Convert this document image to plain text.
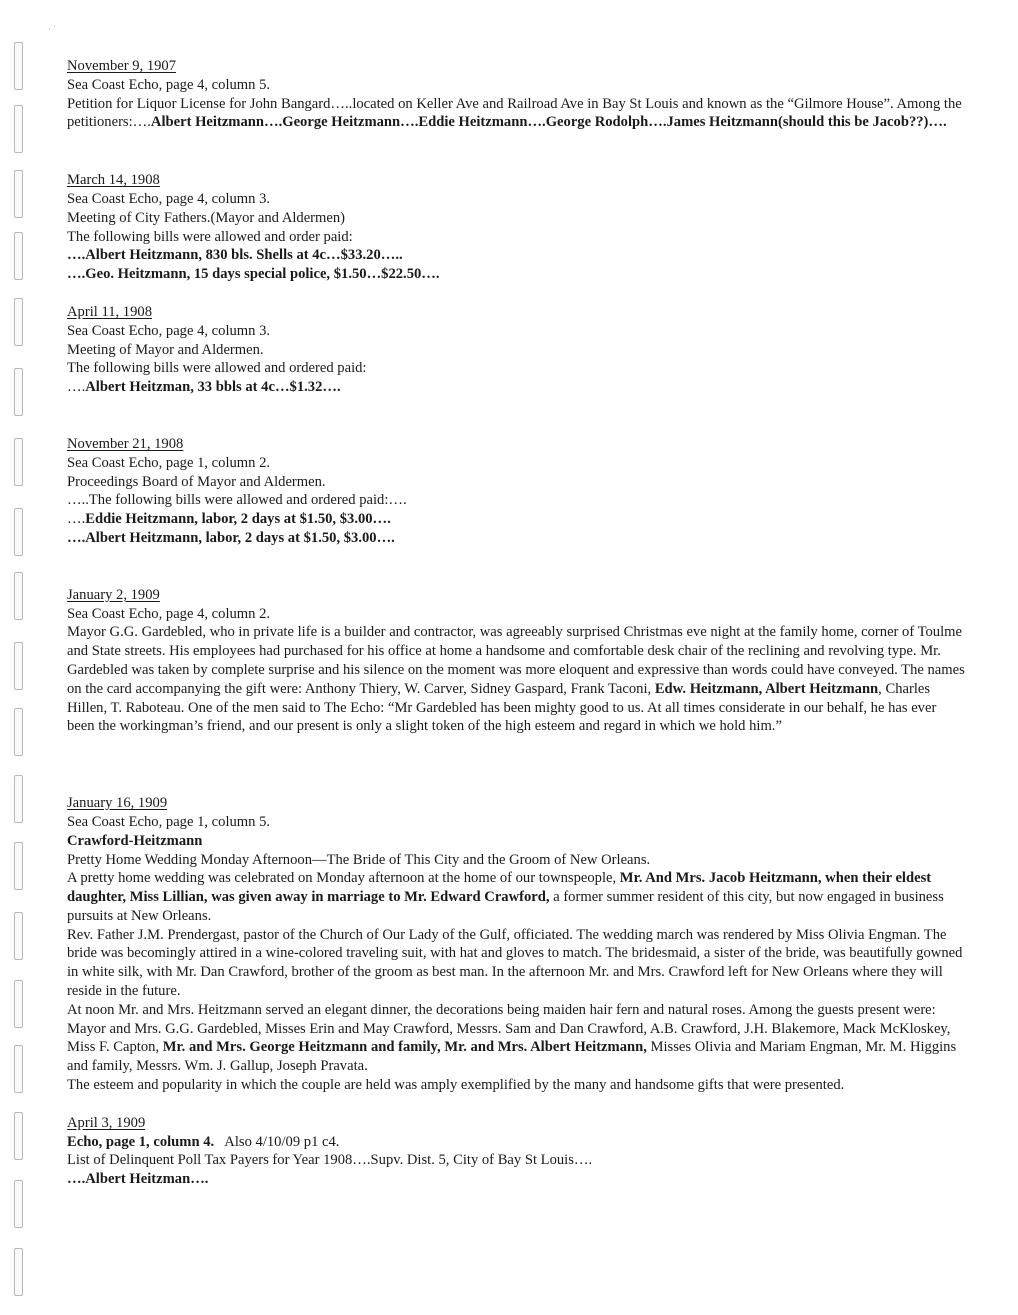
· ˈ

November 9, 1907

Sea Coast Echo, page 4, column 5.

Petition for Liquor License for John Bangard…..located on Keller Ave and Railroad Ave in Bay St Louis and known as the “Gilmore House”. Among the petitioners:….Albert Heitzmann….George Heitzmann….Eddie Heitzmann….George Rodolph….James Heitzmann(should this be Jacob??)….

March 14, 1908

Sea Coast Echo, page 4, column 3.

Meeting of City Fathers.(Mayor and Aldermen)

The following bills were allowed and order paid:

….Albert Heitzmann, 830 bls. Shells at 4c…$33.20…..

….Geo. Heitzmann, 15 days special police, $1.50…$22.50….

April 11, 1908

Sea Coast Echo, page 4, column 3.

Meeting of Mayor and Aldermen.

The following bills were allowed and ordered paid:

….Albert Heitzman, 33 bbls at 4c…$1.32….

November 21, 1908

Sea Coast Echo, page 1, column 2.

Proceedings Board of Mayor and Aldermen.

…..The following bills were allowed and ordered paid:….

….Eddie Heitzmann, labor, 2 days at $1.50, $3.00….

….Albert Heitzmann, labor, 2 days at $1.50, $3.00….

January 2, 1909

Sea Coast Echo, page 4, column 2.

Mayor G.G. Gardebled, who in private life is a builder and contractor, was agreeably surprised Christmas eve night at the family home, corner of Toulme and State streets. His employees had purchased for his office at home a handsome and comfortable desk chair of the reclining and revolving type. Mr. Gardebled was taken by complete surprise and his silence on the moment was more eloquent and expressive than words could have conveyed. The names on the card accompanying the gift were: Anthony Thiery, W. Carver, Sidney Gaspard, Frank Taconi, Edw. Heitzmann, Albert Heitzmann, Charles Hillen, T. Raboteau. One of the men said to The Echo: “Mr Gardebled has been mighty good to us. At all times considerate in our behalf, he has ever been the workingman’s friend, and our present is only a slight token of the high esteem and regard in which we hold him.”

January 16, 1909

Sea Coast Echo, page 1, column 5.

Crawford-Heitzmann

Pretty Home Wedding Monday Afternoon—The Bride of This City and the Groom of New Orleans.

A pretty home wedding was celebrated on Monday afternoon at the home of our townspeople, Mr. And Mrs. Jacob Heitzmann, when their eldest daughter, Miss Lillian, was given away in marriage to Mr. Edward Crawford, a former summer resident of this city, but now engaged in business pursuits at New Orleans.

Rev. Father J.M. Prendergast, pastor of the Church of Our Lady of the Gulf, officiated. The wedding march was rendered by Miss Olivia Engman. The bride was becomingly attired in a wine-colored traveling suit, with hat and gloves to match. The bridesmaid, a sister of the bride, was beautifully gowned in white silk, with Mr. Dan Crawford, brother of the groom as best man. In the afternoon Mr. and Mrs. Crawford left for New Orleans where they will reside in the future.

At noon Mr. and Mrs. Heitzmann served an elegant dinner, the decorations being maiden hair fern and natural roses. Among the guests present were: Mayor and Mrs. G.G. Gardebled, Misses Erin and May Crawford, Messrs. Sam and Dan Crawford, A.B. Crawford, J.H. Blakemore, Mack McKloskey, Miss F. Capton, Mr. and Mrs. George Heitzmann and family, Mr. and Mrs. Albert Heitzmann, Misses Olivia and Mariam Engman, Mr. M. Higgins and family, Messrs. Wm. J. Gallup, Joseph Pravata.

The esteem and popularity in which the couple are held was amply exemplified by the many and handsome gifts that were presented.

April 3, 1909

Echo, page 1, column 4.   Also 4/10/09 p1 c4.

List of Delinquent Poll Tax Payers for Year 1908….Supv. Dist. 5, City of Bay St Louis….

….Albert Heitzman….
